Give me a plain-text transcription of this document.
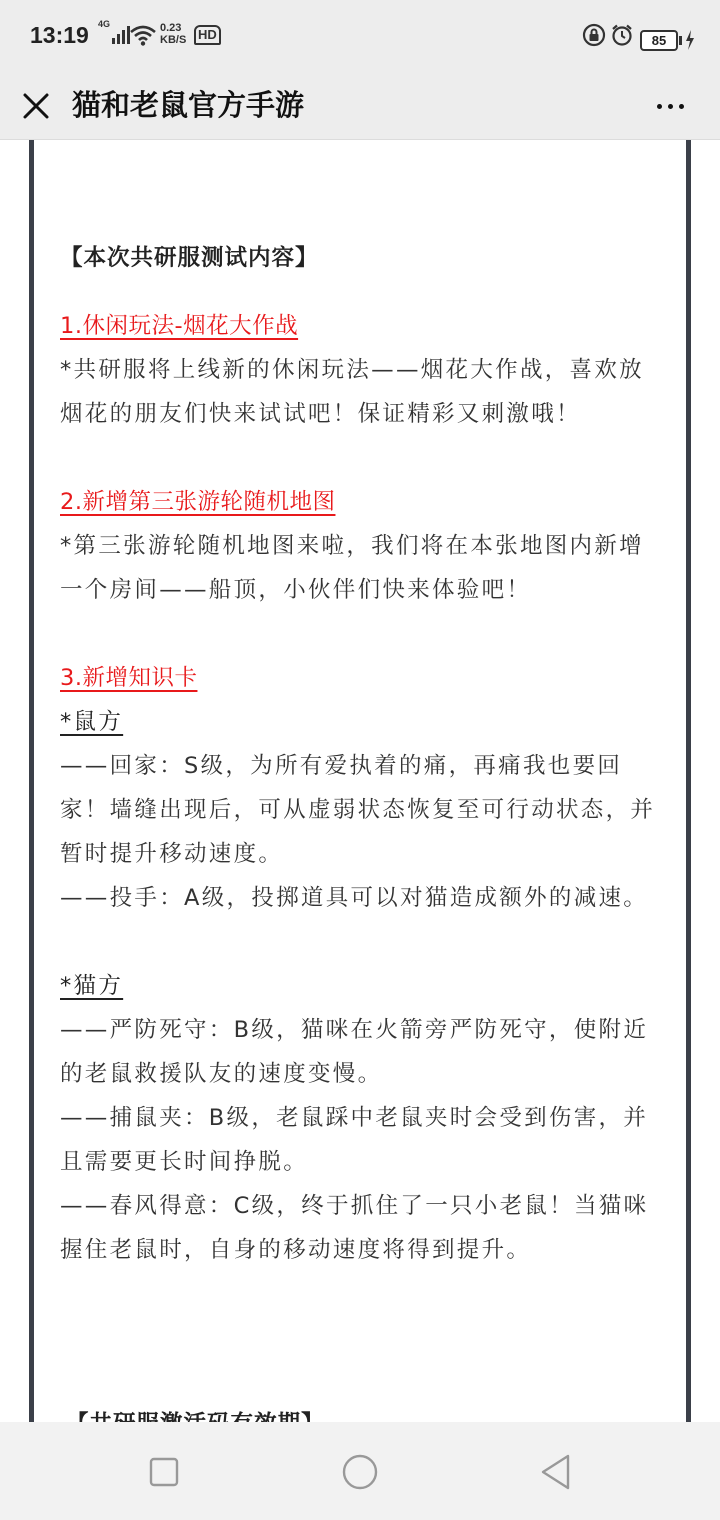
13:19 4G	0.23
KB/S HD	85
猫和老鼠官方手游
【本次共研服测试内容】
1.休闲玩法-烟花大作战
*共研服将上线新的休闲玩法——烟花大作战，喜欢放烟花的朋友们快来试试吧！保证精彩又刺激哦！
2.新增第三张游轮随机地图
*第三张游轮随机地图来啦，我们将在本张地图内新增一个房间——船顶，小伙伴们快来体验吧！
3.新增知识卡
*鼠方
——回家：S级，为所有爱执着的痛，再痛我也要回家！墙缝出现后，可从虚弱状态恢复至可行动状态，并暂时提升移动速度。
——投手：A级，投掷道具可以对猫造成额外的减速。
*猫方
——严防死守：B级，猫咪在火箭旁严防死守，使附近的老鼠救援队友的速度变慢。
——捕鼠夹：B级，老鼠踩中老鼠夹时会受到伤害，并且需要更长时间挣脱。
——春风得意：C级，终于抓住了一只小老鼠！当猫咪握住老鼠时，自身的移动速度将得到提升。
